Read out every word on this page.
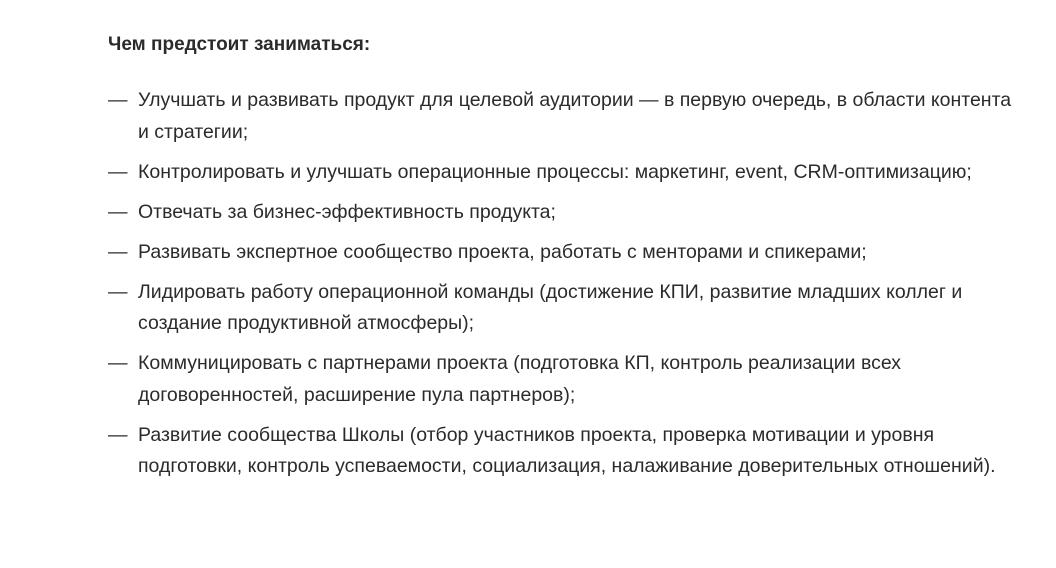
Чем предстоит заниматься:
— Улучшать и развивать продукт для целевой аудитории — в первую очередь, в области контента и стратегии;
— Контролировать и улучшать операционные процессы: маркетинг, event, CRM-оптимизацию;
— Отвечать за бизнес-эффективность продукта;
— Развивать экспертное сообщество проекта, работать с менторами и спикерами;
— Лидировать работу операционной команды (достижение КПИ, развитие младших коллег и создание продуктивной атмосферы);
— Коммуницировать с партнерами проекта (подготовка КП, контроль реализации всех договоренностей, расширение пула партнеров);
— Развитие сообщества Школы (отбор участников проекта, проверка мотивации и уровня подготовки, контроль успеваемости, социализация, налаживание доверительных отношений).
